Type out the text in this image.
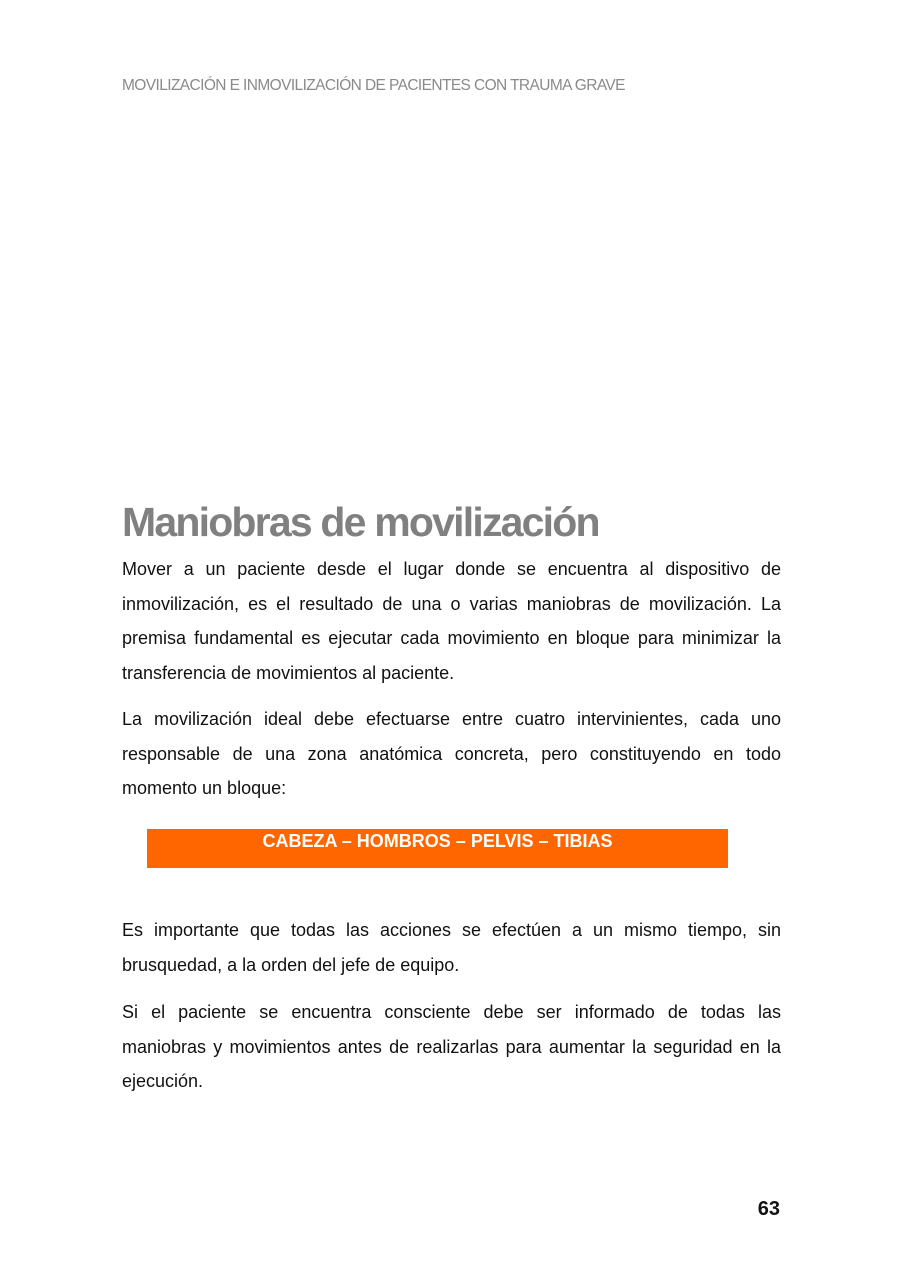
MOVILIZACIÓN E INMOVILIZACIÓN DE PACIENTES CON TRAUMA GRAVE
Maniobras de movilización

Mover a un paciente desde el lugar donde se encuentra al dispositivo de inmovilización, es el resultado de una o varias maniobras de movilización. La premisa fundamental es ejecutar cada movimiento en bloque para minimizar la transferencia de movimientos al paciente.

La movilización ideal debe efectuarse entre cuatro intervinientes, cada uno responsable de una zona anatómica concreta, pero constituyendo en todo momento un bloque:

CABEZA – HOMBROS – PELVIS – TIBIAS

Es importante que todas las acciones se efectúen a un mismo tiempo, sin brusquedad, a la orden del jefe de equipo.

Si el paciente se encuentra consciente debe ser informado de todas las maniobras y movimientos antes de realizarlas para aumentar la seguridad en la ejecución.

63
